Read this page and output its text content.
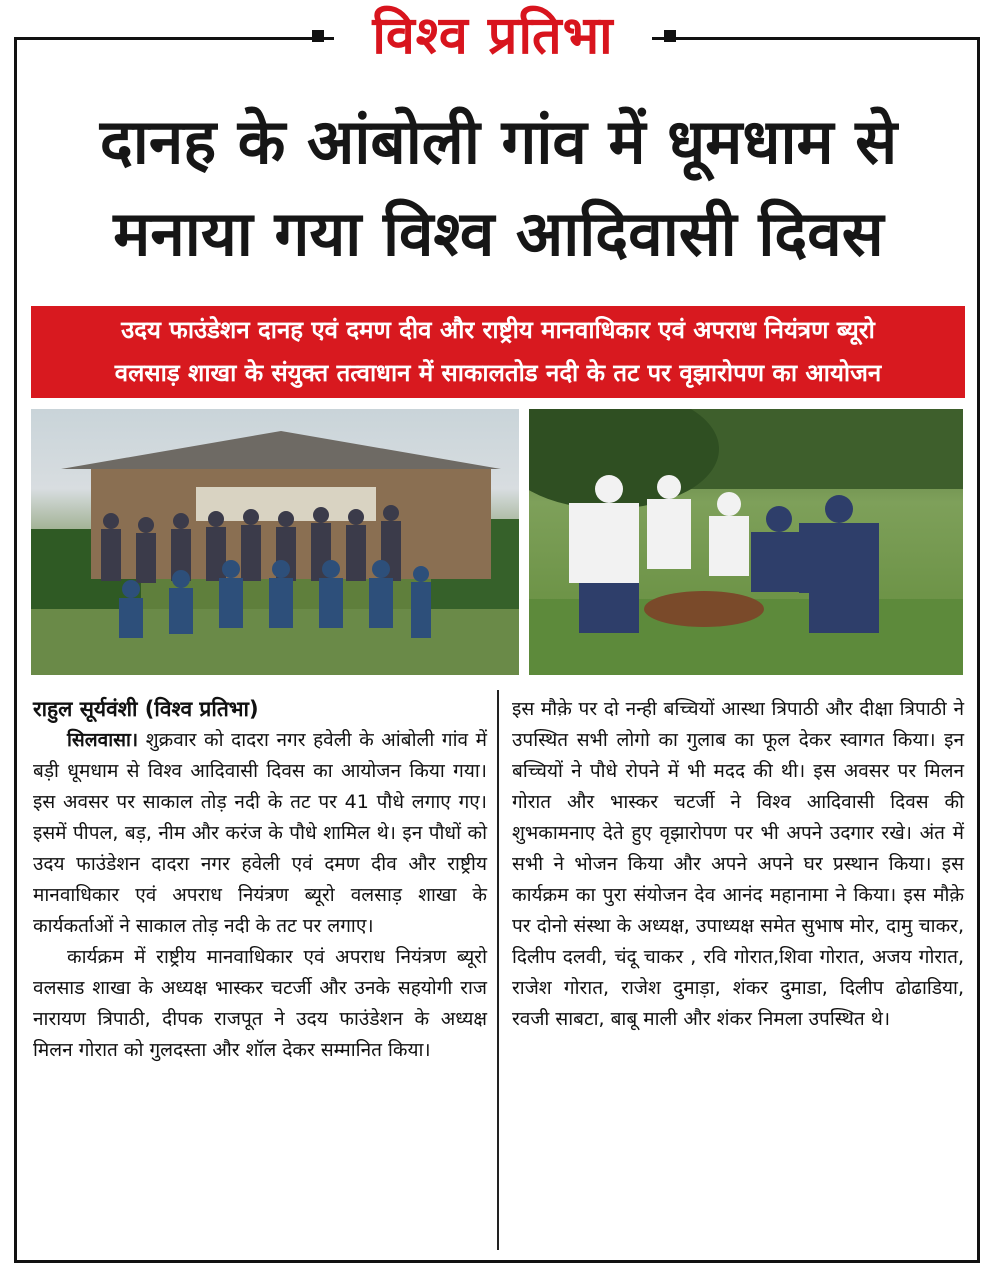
विश्व प्रतिभा
दानह के आंबोली गांव में धूमधाम से
मनाया गया विश्व आदिवासी दिवस
उदय फाउंडेशन दानह एवं दमण दीव और राष्ट्रीय मानवाधिकार एवं अपराध नियंत्रण ब्यूरो
वलसाड़ शाखा के संयुक्त तत्वाधान में साकालतोड नदी के तट पर वृझारोपण का आयोजन

राहुल सूर्यवंशी (विश्व प्रतिभा)

सिलवासा। शुक्रवार को दादरा नगर हवेली के आंबोली गांव में बड़ी धूमधाम से विश्व आदिवासी दिवस का आयोजन किया गया। इस अवसर पर साकाल तोड़ नदी के तट पर 41 पौधे लगाए गए। इसमें पीपल, बड़, नीम और करंज के पौधे शामिल थे। इन पौधों को उदय फाउंडेशन दादरा नगर हवेली एवं दमण दीव और राष्ट्रीय मानवाधिकार एवं अपराध नियंत्रण ब्यूरो वलसाड़ शाखा के कार्यकर्ताओं ने साकाल तोड़ नदी के तट पर लगाए।

कार्यक्रम में राष्ट्रीय मानवाधिकार एवं अपराध नियंत्रण ब्यूरो वलसाड शाखा के अध्यक्ष भास्कर चटर्जी और उनके सहयोगी राज नारायण त्रिपाठी, दीपक राजपूत ने उदय फाउंडेशन के अध्यक्ष मिलन गोरात को गुलदस्ता और शॉल देकर सम्मानित किया।

इस मौक़े पर दो नन्ही बच्चियों आस्था त्रिपाठी और दीक्षा त्रिपाठी ने उपस्थित सभी लोगो का गुलाब का फूल देकर स्वागत किया। इन बच्चियों ने पौधे रोपने में भी मदद की थी। इस अवसर पर मिलन गोरात और भास्कर चटर्जी ने विश्व आदिवासी दिवस की शुभकामनाए देते हुए वृझारोपण पर भी अपने उदगार रखे। अंत में सभी ने भोजन किया और अपने अपने घर प्रस्थान किया। इस कार्यक्रम का पुरा संयोजन देव आनंद महानामा ने किया। इस मौक़े पर दोनो संस्था के अध्यक्ष, उपाध्यक्ष समेत सुभाष मोर, दामु चाकर, दिलीप दलवी, चंदू चाकर , रवि गोरात,शिवा गोरात, अजय गोरात, राजेश गोरात, राजेश दुमाड़ा, शंकर दुमाडा, दिलीप ढोढाडिया, रवजी साबटा, बाबू माली और शंकर निमला उपस्थित थे।
